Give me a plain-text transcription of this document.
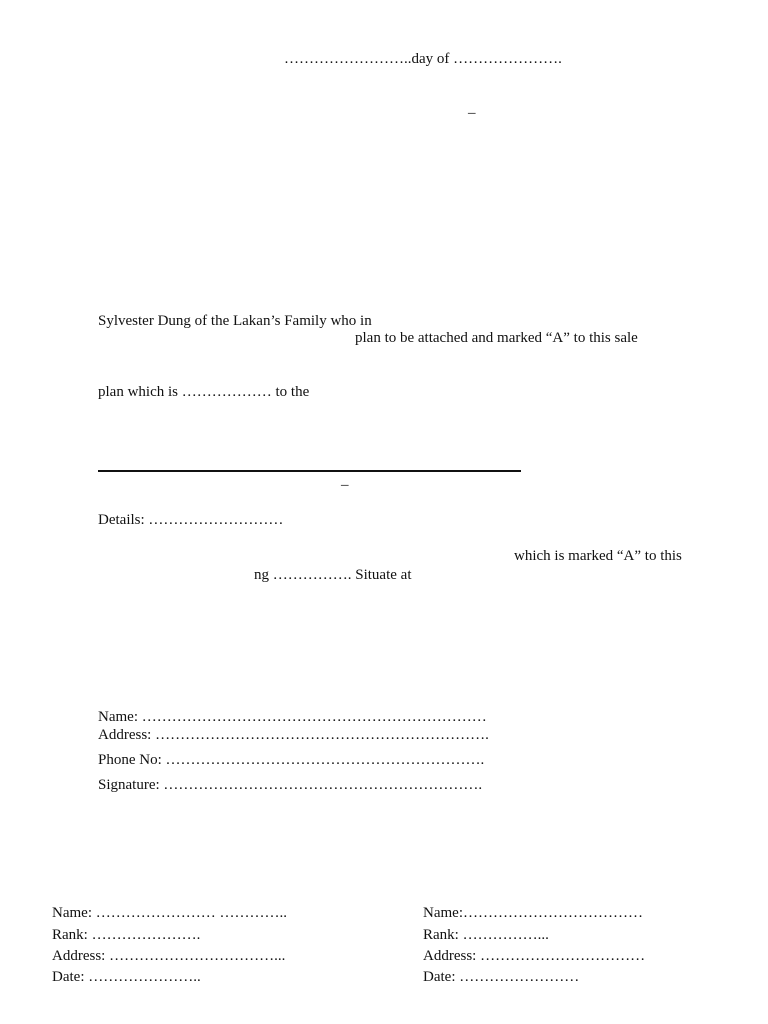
……………………..day of ………………….
–
Sylvester Dung of the Lakan’s Family who in
plan to be attached and marked “A” to this sale
plan which is ……………… to the
–
Details: ………………………
which is marked “A” to this
ng ……………. Situate at
Name: ……………………………………………………………
Address: ………………………………………………………….
Phone No: ……………………………………………………….
Signature: ……………………………………………………….
Name: …………………… …………..
Rank: ………………….
Address: ……………………………...
Date: …………………..
Name:………………………………
Rank: ……………...
Address: ……………………………
Date: ……………………
